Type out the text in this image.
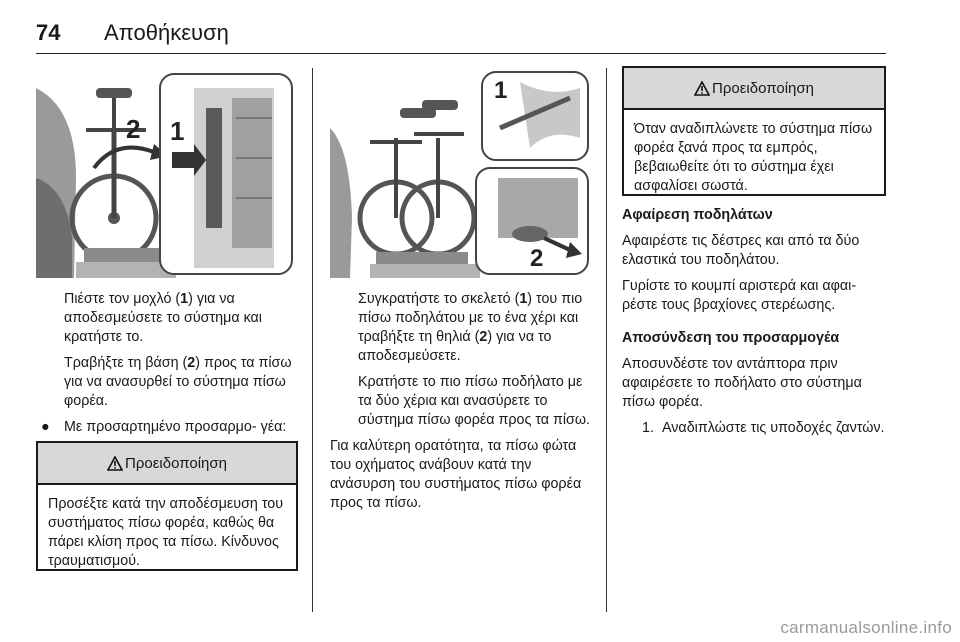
74 Αποθήκευση
2 1

Πιέστε τον μοχλό (1) για να αποδεσμεύσετε το σύστημα και κρατήστε το.

Τραβήξτε τη βάση (2) προς τα πίσω για να ανασυρθεί το σύστημα πίσω φορέα.

● Με προσαρτημένο προσαρμο- γέα:

Προειδοποίηση
Προσέξτε κατά την αποδέσμευση του συστήματος πίσω φορέα, καθώς θα πάρει κλίση προς τα πίσω. Κίνδυνος τραυματισμού.
1
2

Συγκρατήστε το σκελετό (1) του πιο πίσω ποδηλάτου με το ένα χέρι και τραβήξτε τη θηλιά (2) για να το αποδεσμεύσετε.

Κρατήστε το πιο πίσω ποδήλατο με τα δύο χέρια και ανασύρετε το σύστημα πίσω φορέα προς τα πίσω.

Για καλύτερη ορατότητα, τα πίσω φώτα του οχήματος ανάβουν κατά την ανάσυρση του συστήματος πίσω φορέα προς τα πίσω.

Προειδοποίηση
Όταν αναδιπλώνετε το σύστημα πίσω φορέα ξανά προς τα εμπρός, βεβαιωθείτε ότι το σύστημα έχει ασφαλίσει σωστά.

Αφαίρεση ποδηλάτων

Αφαιρέστε τις δέστρες και από τα δύο ελαστικά του ποδηλάτου.

Γυρίστε το κουμπί αριστερά και αφαι- ρέστε τους βραχίονες στερέωσης.

Αποσύνδεση του προσαρμογέα

Αποσυνδέστε τον αντάπτορα πριν αφαιρέσετε το ποδήλατο στο σύστημα πίσω φορέα.

1. Αναδιπλώστε τις υποδοχές ζαντών.

carmanualsonline.info
